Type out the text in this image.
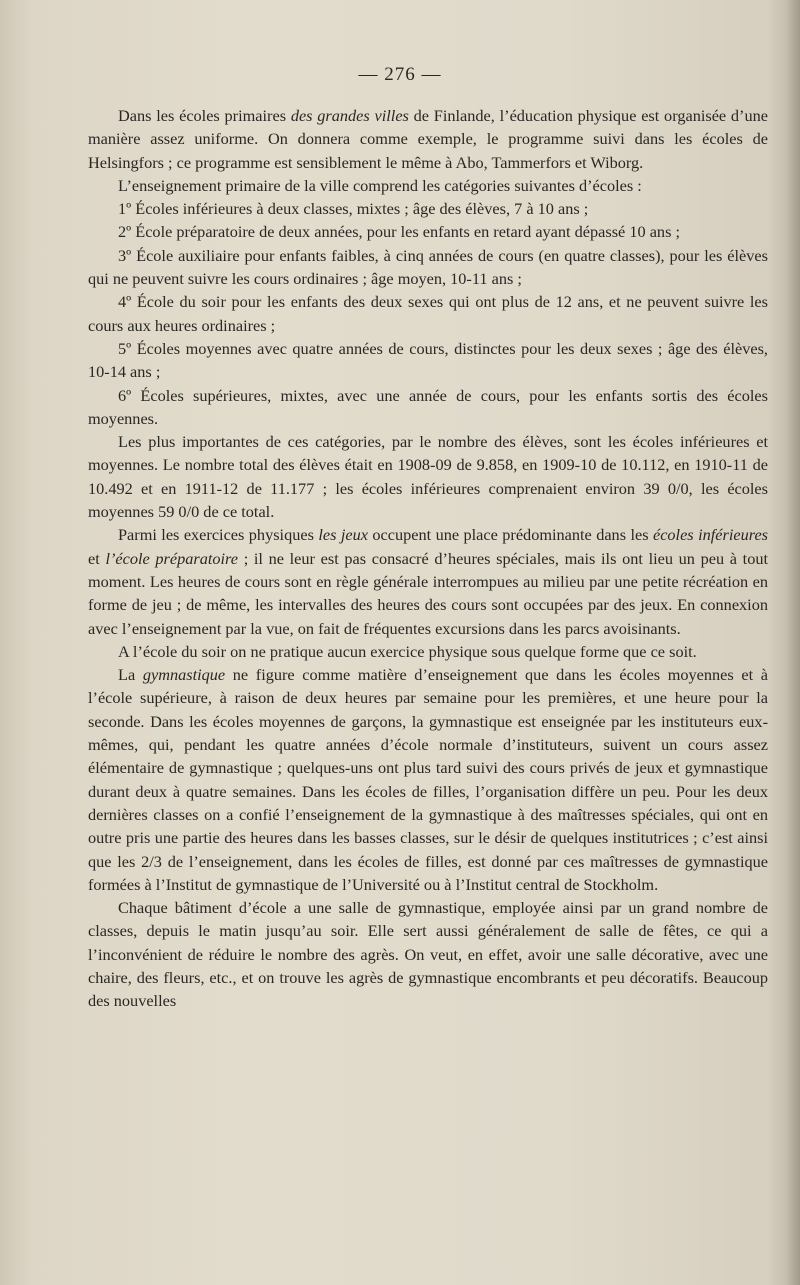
— 276 —

Dans les écoles primaires des grandes villes de Finlande, l’éducation physique est organisée d’une manière assez uniforme. On donnera comme exemple, le programme suivi dans les écoles de Helsingfors ; ce programme est sensiblement le même à Abo, Tammerfors et Wiborg.

L’enseignement primaire de la ville comprend les catégories suivantes d’écoles :

1º Écoles inférieures à deux classes, mixtes ; âge des élèves, 7 à 10 ans ;

2º École préparatoire de deux années, pour les enfants en retard ayant dépassé 10 ans ;

3º École auxiliaire pour enfants faibles, à cinq années de cours (en quatre classes), pour les élèves qui ne peuvent suivre les cours ordinaires ; âge moyen, 10-11 ans ;

4º École du soir pour les enfants des deux sexes qui ont plus de 12 ans, et ne peuvent suivre les cours aux heures ordinaires ;

5º Écoles moyennes avec quatre années de cours, distinctes pour les deux sexes ; âge des élèves, 10-14 ans ;

6º Écoles supérieures, mixtes, avec une année de cours, pour les enfants sortis des écoles moyennes.

Les plus importantes de ces catégories, par le nombre des élèves, sont les écoles inférieures et moyennes. Le nombre total des élèves était en 1908-09 de 9.858, en 1909-10 de 10.112, en 1910-11 de 10.492 et en 1911-12 de 11.177 ; les écoles inférieures comprenaient environ 39 0/0, les écoles moyennes 59 0/0 de ce total.

Parmi les exercices physiques les jeux occupent une place prédominante dans les écoles inférieures et l’école préparatoire ; il ne leur est pas consacré d’heures spéciales, mais ils ont lieu un peu à tout moment. Les heures de cours sont en règle générale interrompues au milieu par une petite récréation en forme de jeu ; de même, les intervalles des heures des cours sont occupées par des jeux. En connexion avec l’enseignement par la vue, on fait de fréquentes excursions dans les parcs avoisinants.

A l’école du soir on ne pratique aucun exercice physique sous quelque forme que ce soit.

La gymnastique ne figure comme matière d’enseignement que dans les écoles moyennes et à l’école supérieure, à raison de deux heures par semaine pour les premières, et une heure pour la seconde. Dans les écoles moyennes de garçons, la gymnastique est enseignée par les instituteurs eux-mêmes, qui, pendant les quatre années d’école normale d’instituteurs, suivent un cours assez élémentaire de gymnastique ; quelques-uns ont plus tard suivi des cours privés de jeux et gymnastique durant deux à quatre semaines. Dans les écoles de filles, l’organisation diffère un peu. Pour les deux dernières classes on a confié l’enseignement de la gymnastique à des maîtresses spéciales, qui ont en outre pris une partie des heures dans les basses classes, sur le désir de quelques institutrices ; c’est ainsi que les 2/3 de l’enseignement, dans les écoles de filles, est donné par ces maîtresses de gymnastique formées à l’Institut de gymnastique de l’Université ou à l’Institut central de Stockholm.

Chaque bâtiment d’école a une salle de gymnastique, employée ainsi par un grand nombre de classes, depuis le matin jusqu’au soir. Elle sert aussi généralement de salle de fêtes, ce qui a l’inconvénient de réduire le nombre des agrès. On veut, en effet, avoir une salle décorative, avec une chaire, des fleurs, etc., et on trouve les agrès de gymnastique encombrants et peu décoratifs. Beaucoup des nouvelles
